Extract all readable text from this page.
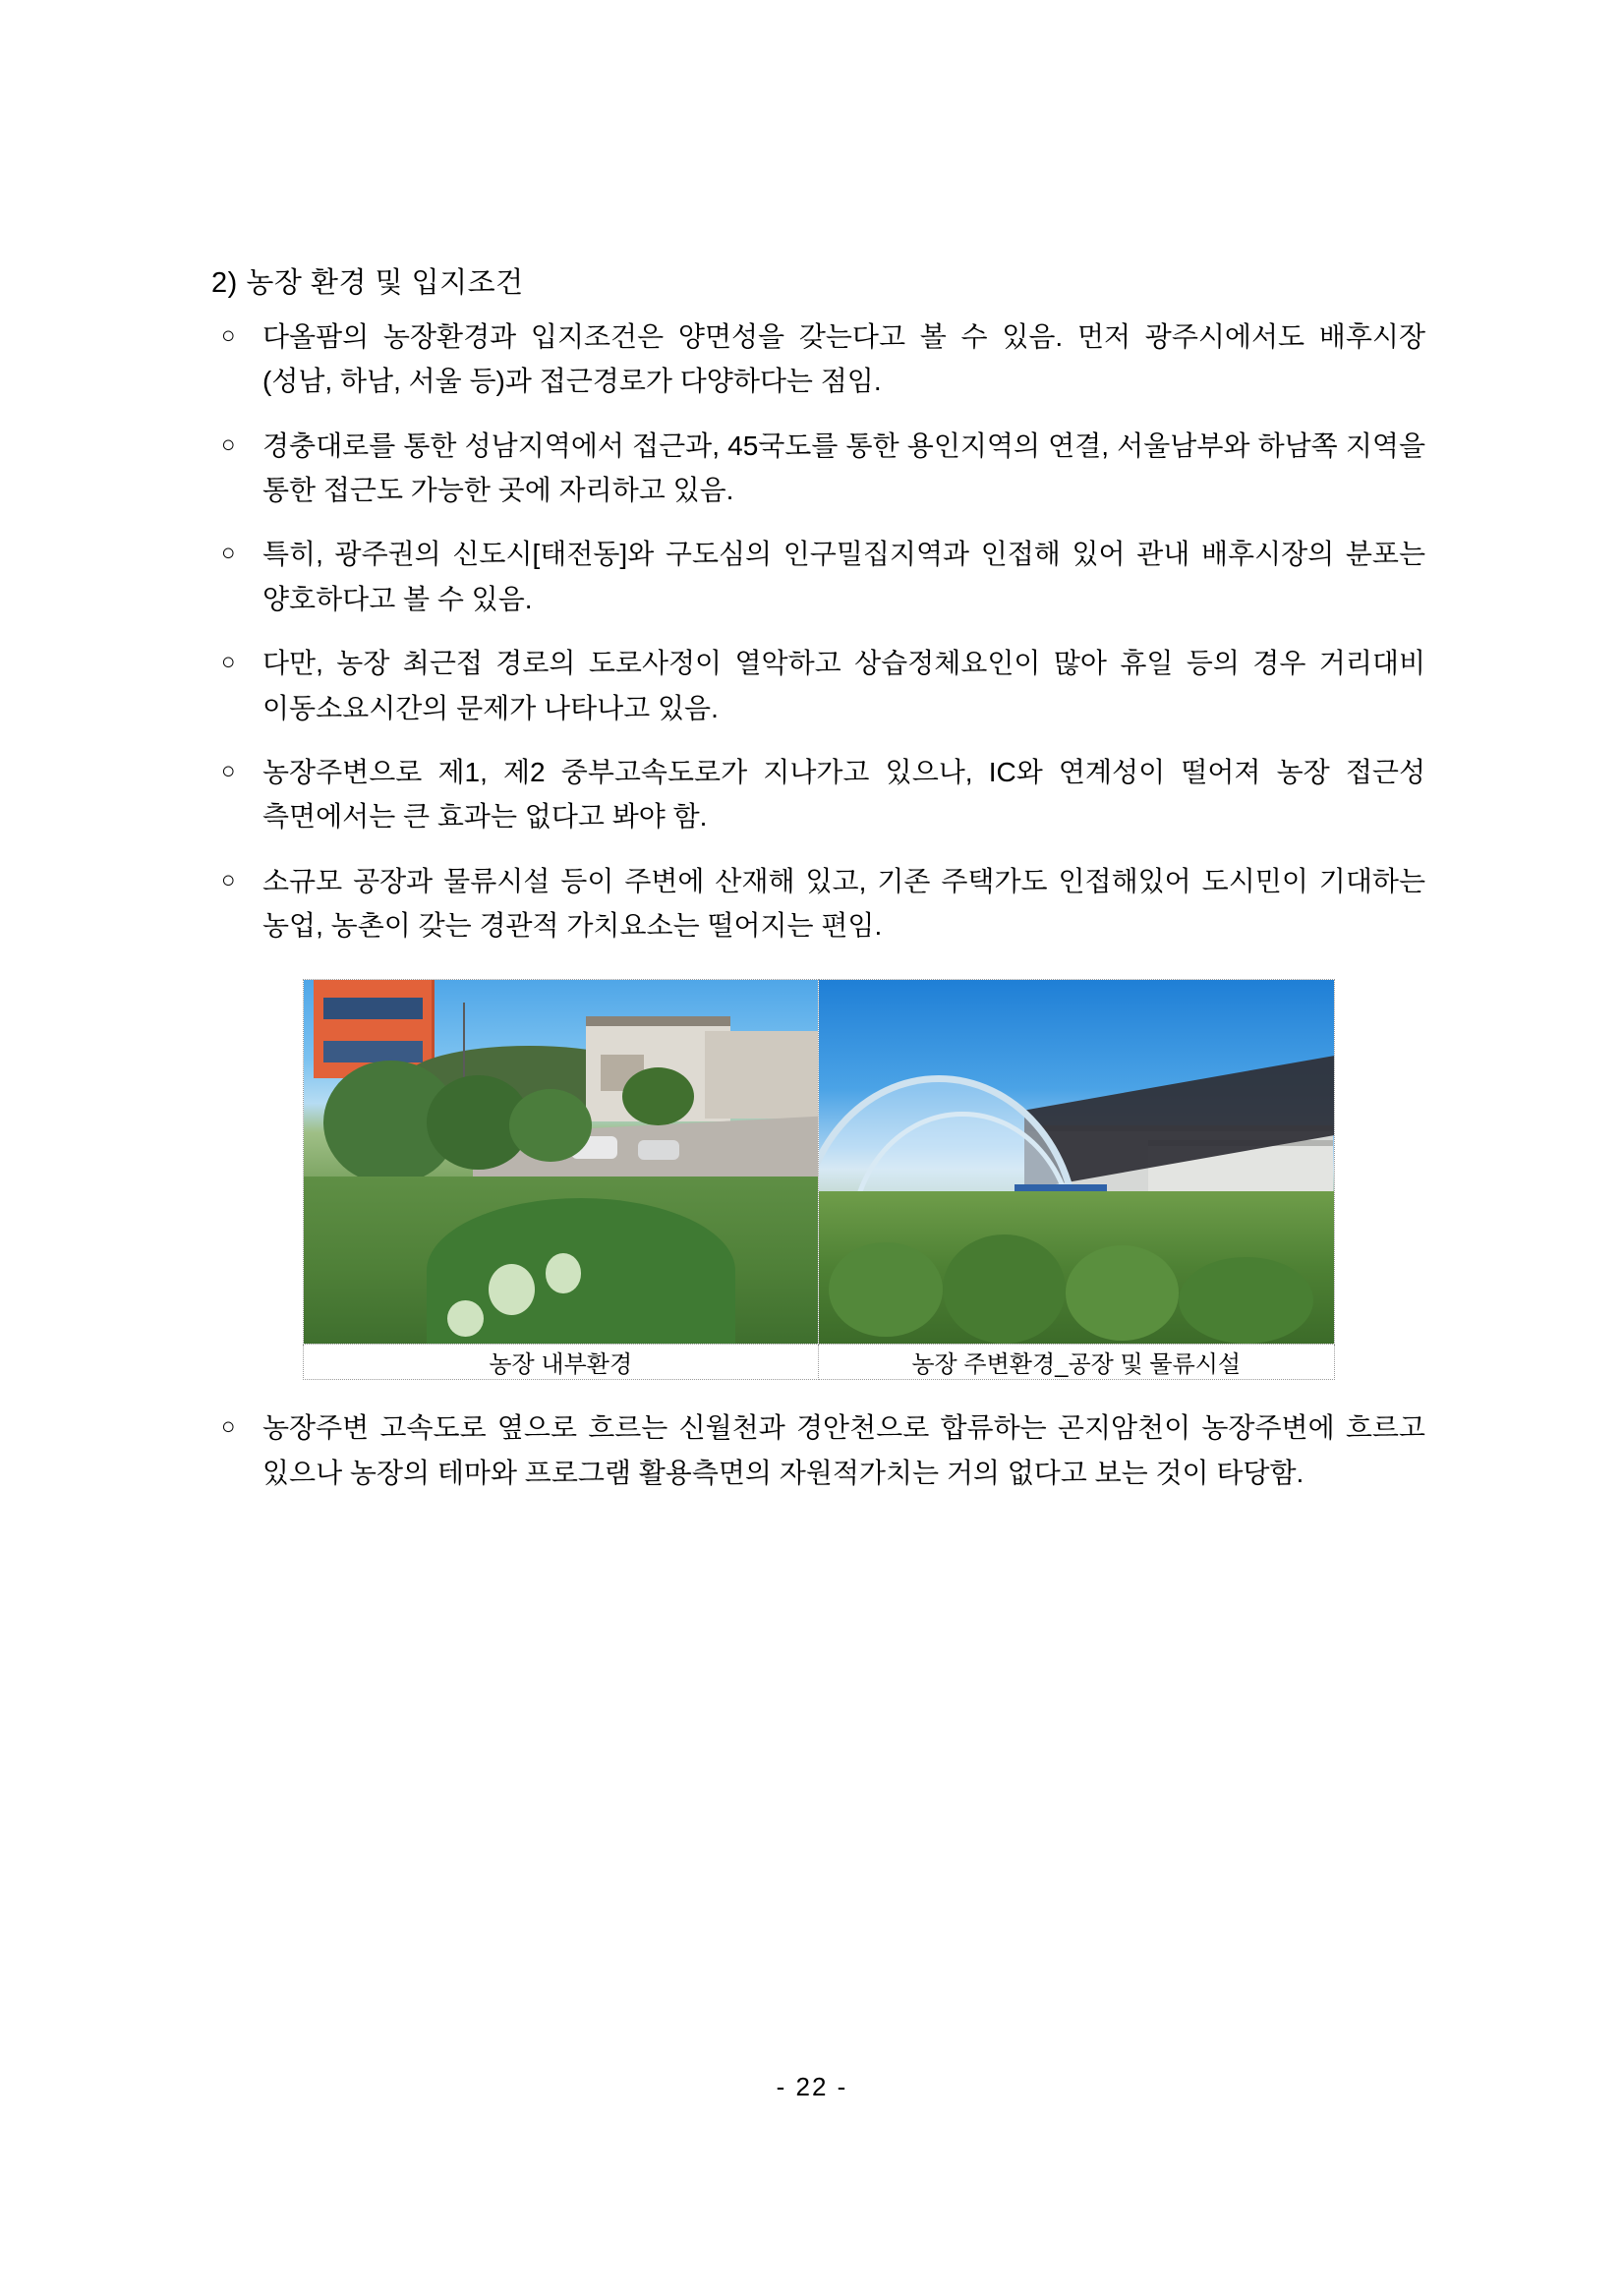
2) 농장 환경 및 입지조건
○ 다올팜의 농장환경과 입지조건은 양면성을 갖는다고 볼 수 있음. 먼저 광주시에서도 배후시장(성남, 하남, 서울 등)과 접근경로가 다양하다는 점임.
○ 경충대로를 통한 성남지역에서 접근과, 45국도를 통한 용인지역의 연결, 서울남부와 하남쪽 지역을 통한 접근도 가능한 곳에 자리하고 있음.
○ 특히, 광주권의 신도시[태전동]와 구도심의 인구밀집지역과 인접해 있어 관내 배후시장의 분포는 양호하다고 볼 수 있음.
○ 다만, 농장 최근접 경로의 도로사정이 열악하고 상습정체요인이 많아 휴일 등의 경우 거리대비 이동소요시간의 문제가 나타나고 있음.
○ 농장주변으로 제1, 제2 중부고속도로가 지나가고 있으나, IC와 연계성이 떨어져 농장 접근성 측면에서는 큰 효과는 없다고 봐야 함.
○ 소규모 공장과 물류시설 등이 주변에 산재해 있고, 기존 주택가도 인접해있어 도시민이 기대하는 농업, 농촌이 갖는 경관적 가치요소는 떨어지는 편임.

농장 내부환경	농장 주변환경_공장 및 물류시설
○ 농장주변 고속도로 옆으로 흐르는 신월천과 경안천으로 합류하는 곤지암천이 농장주변에 흐르고 있으나 농장의 테마와 프로그램 활용측면의 자원적가치는 거의 없다고 보는 것이 타당함.
- 22 -
